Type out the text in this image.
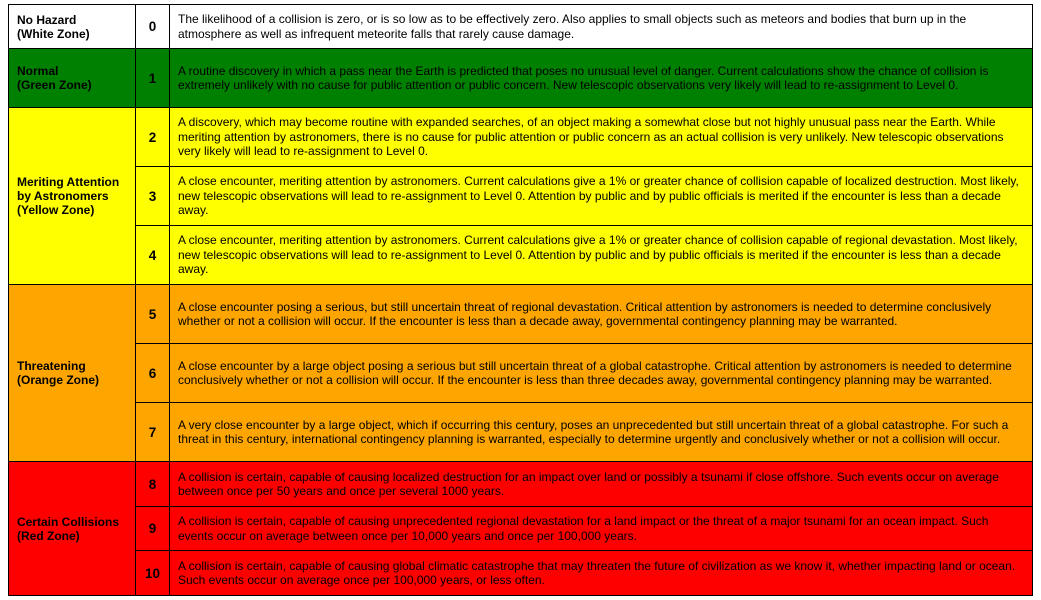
No Hazard
(White Zone)	0	The likelihood of a collision is zero, or is so low as to be effectively zero. Also applies to small objects such as meteors and bodies that burn up in the atmosphere as well as infrequent meteorite falls that rarely cause damage.

Normal
(Green Zone)	1	A routine discovery in which a pass near the Earth is predicted that poses no unusual level of danger. Current calculations show the chance of collision is extremely unlikely with no cause for public attention or public concern. New telescopic observations very likely will lead to re-assignment to Level 0.

Meriting Attention by Astronomers
(Yellow Zone)	2	A discovery, which may become routine with expanded searches, of an object making a somewhat close but not highly unusual pass near the Earth. While meriting attention by astronomers, there is no cause for public attention or public concern as an actual collision is very unlikely. New telescopic observations very likely will lead to re-assignment to Level 0.
	3	A close encounter, meriting attention by astronomers. Current calculations give a 1% or greater chance of collision capable of localized destruction. Most likely, new telescopic observations will lead to re-assignment to Level 0. Attention by public and by public officials is merited if the encounter is less than a decade away.
	4	A close encounter, meriting attention by astronomers. Current calculations give a 1% or greater chance of collision capable of regional devastation. Most likely, new telescopic observations will lead to re-assignment to Level 0. Attention by public and by public officials is merited if the encounter is less than a decade away.

Threatening
(Orange Zone)	5	A close encounter posing a serious, but still uncertain threat of regional devastation. Critical attention by astronomers is needed to determine conclusively whether or not a collision will occur. If the encounter is less than a decade away, governmental contingency planning may be warranted.
	6	A close encounter by a large object posing a serious but still uncertain threat of a global catastrophe. Critical attention by astronomers is needed to determine conclusively whether or not a collision will occur. If the encounter is less than three decades away, governmental contingency planning may be warranted.
	7	A very close encounter by a large object, which if occurring this century, poses an unprecedented but still uncertain threat of a global catastrophe. For such a threat in this century, international contingency planning is warranted, especially to determine urgently and conclusively whether or not a collision will occur.

Certain Collisions
(Red Zone)	8	A collision is certain, capable of causing localized destruction for an impact over land or possibly a tsunami if close offshore. Such events occur on average between once per 50 years and once per several 1000 years.
	9	A collision is certain, capable of causing unprecedented regional devastation for a land impact or the threat of a major tsunami for an ocean impact. Such events occur on average between once per 10,000 years and once per 100,000 years.
	10	A collision is certain, capable of causing global climatic catastrophe that may threaten the future of civilization as we know it, whether impacting land or ocean. Such events occur on average once per 100,000 years, or less often.
